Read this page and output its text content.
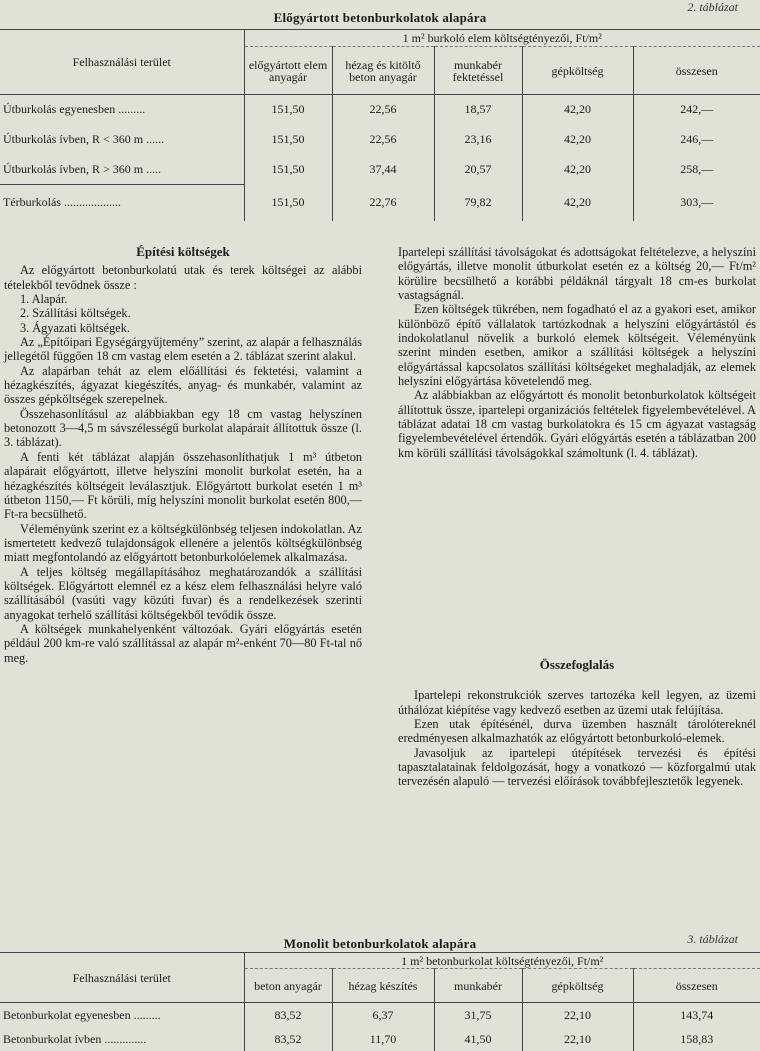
2. táblázat
Előgyártott betonburkolatok alapára
Felhasználási terület	1 m² burkoló elem költségtényezői, Ft/m²				
	előgyártott elem anyagár	hézag és kitöltő beton anyagár	munkabér fektetéssel	gépköltség	összesen
Útburkolás egyenesben .........	151,50	22,56	18,57	42,20	242,—
Útburkolás ívben, R < 360 m ......	151,50	22,56	23,16	42,20	246,—
Útburkolás ívben, R > 360 m .....	151,50	37,44	20,57	42,20	258,—
Térburkolás ...................	151,50	22,76	79,82	42,20	303,—
Építési költségek

Az előgyártott betonburkolatú utak és terek költségei az alábbi tételekből tevődnek össze :

1. Alapár.

2. Szállítási költségek.

3. Ágyazati költségek.

Az „Építőipari Egységárgyűjtemény” szerint, az alapár a felhasználás jellegétől függően 18 cm vastag elem esetén a 2. táblázat szerint alakul.

Az alapárban tehát az elem előállítási és fektetési, valamint a hézagkészítés, ágyazat kiegészítés, anyag- és munkabér, valamint az összes gépköltségek szerepelnek.

Összehasonlításul az alábbiakban egy 18 cm vastag helyszínen betonozott 3—4,5 m sávszélességű burkolat alapárait állítottuk össze (l. 3. táblázat).

A fenti két táblázat alapján összehasonlíthatjuk 1 m³ útbeton alapárait előgyártott, illetve helyszíni monolit burkolat esetén, ha a hézagkészítés költségeit leválasztjuk. Előgyártott burkolat esetén 1 m³ útbeton 1150,— Ft körüli, míg helyszíni monolit burkolat esetén 800,— Ft-ra becsülhető.

Véleményünk szerint ez a költségkülönbség teljesen indokolatlan. Az ismertetett kedvező tulajdonságok ellenére a jelentős költségkülönbség miatt megfontolandó az előgyártott betonburkolóelemek alkalmazása.

A teljes költség megállapításához meghatározandók a szállítási költségek. Előgyártott elemnél ez a kész elem felhasználási helyre való szállításából (vasúti vagy közúti fuvar) és a rendelkezések szerinti anyagokat terhelő szállítási költségekből tevődik össze.

A költségek munkahelyenként változóak. Gyári előgyártás esetén például 200 km-re való szállítással az alapár m²-enként 70—80 Ft-tal nő meg.

Ipartelepi szállítási távolságokat és adottságokat feltételezve, a helyszíni előgyártás, illetve monolit útburkolat esetén ez a költség 20,— Ft/m² körülire becsülhető a korábbi példáknál tárgyalt 18 cm-es burkolat vastagságnál.

Ezen költségek tükrében, nem fogadható el az a gyakori eset, amikor különböző építő vállalatok tartózkodnak a helyszíni előgyártástól és indokolatlanul növelik a burkoló elemek költségeit. Véleményünk szerint minden esetben, amikor a szállítási költségek a helyszíni előgyártással kapcsolatos szállítási költségeket meghaladják, az elemek helyszíni előgyártása követelendő meg.

Az alábbiakban az előgyártott és monolit betonburkolatok költségeit állítottuk össze, ipartelepi organizációs feltételek figyelembevételével. A táblázat adatai 18 cm vastag burkolatokra és 15 cm ágyazat vastagság figyelembevételével értendők. Gyári előgyártás esetén a táblázatban 200 km körüli szállítási távolságokkal számoltunk (l. 4. táblázat).

Összefoglalás

Ipartelepi rekonstrukciók szerves tartozéka kell legyen, az üzemi úthálózat kiépítése vagy kedvező esetben az üzemi utak felújítása.

Ezen utak építésénél, durva üzemben használt tárolótereknél eredményesen alkalmazhatók az előgyártott betonburkoló-elemek.

Javasoljuk az ipartelepi útépítések tervezési és építési tapasztalatainak feldolgozását, hogy a vonatkozó — közforgalmú utak tervezésén alapuló — tervezési előírások továbbfejlesztetők legyenek.

3. táblázat
Monolit betonburkolatok alapára
Felhasználási terület	1 m² betonburkolat költségtényezői, Ft/m²				
	beton anyagár	hézag készítés	munkabér	gépköltség	összesen
Betonburkolat egyenesben .........	83,52	6,37	31,75	22,10	143,74
Betonburkolat ívben ..............	83,52	11,70	41,50	22,10	158,83
